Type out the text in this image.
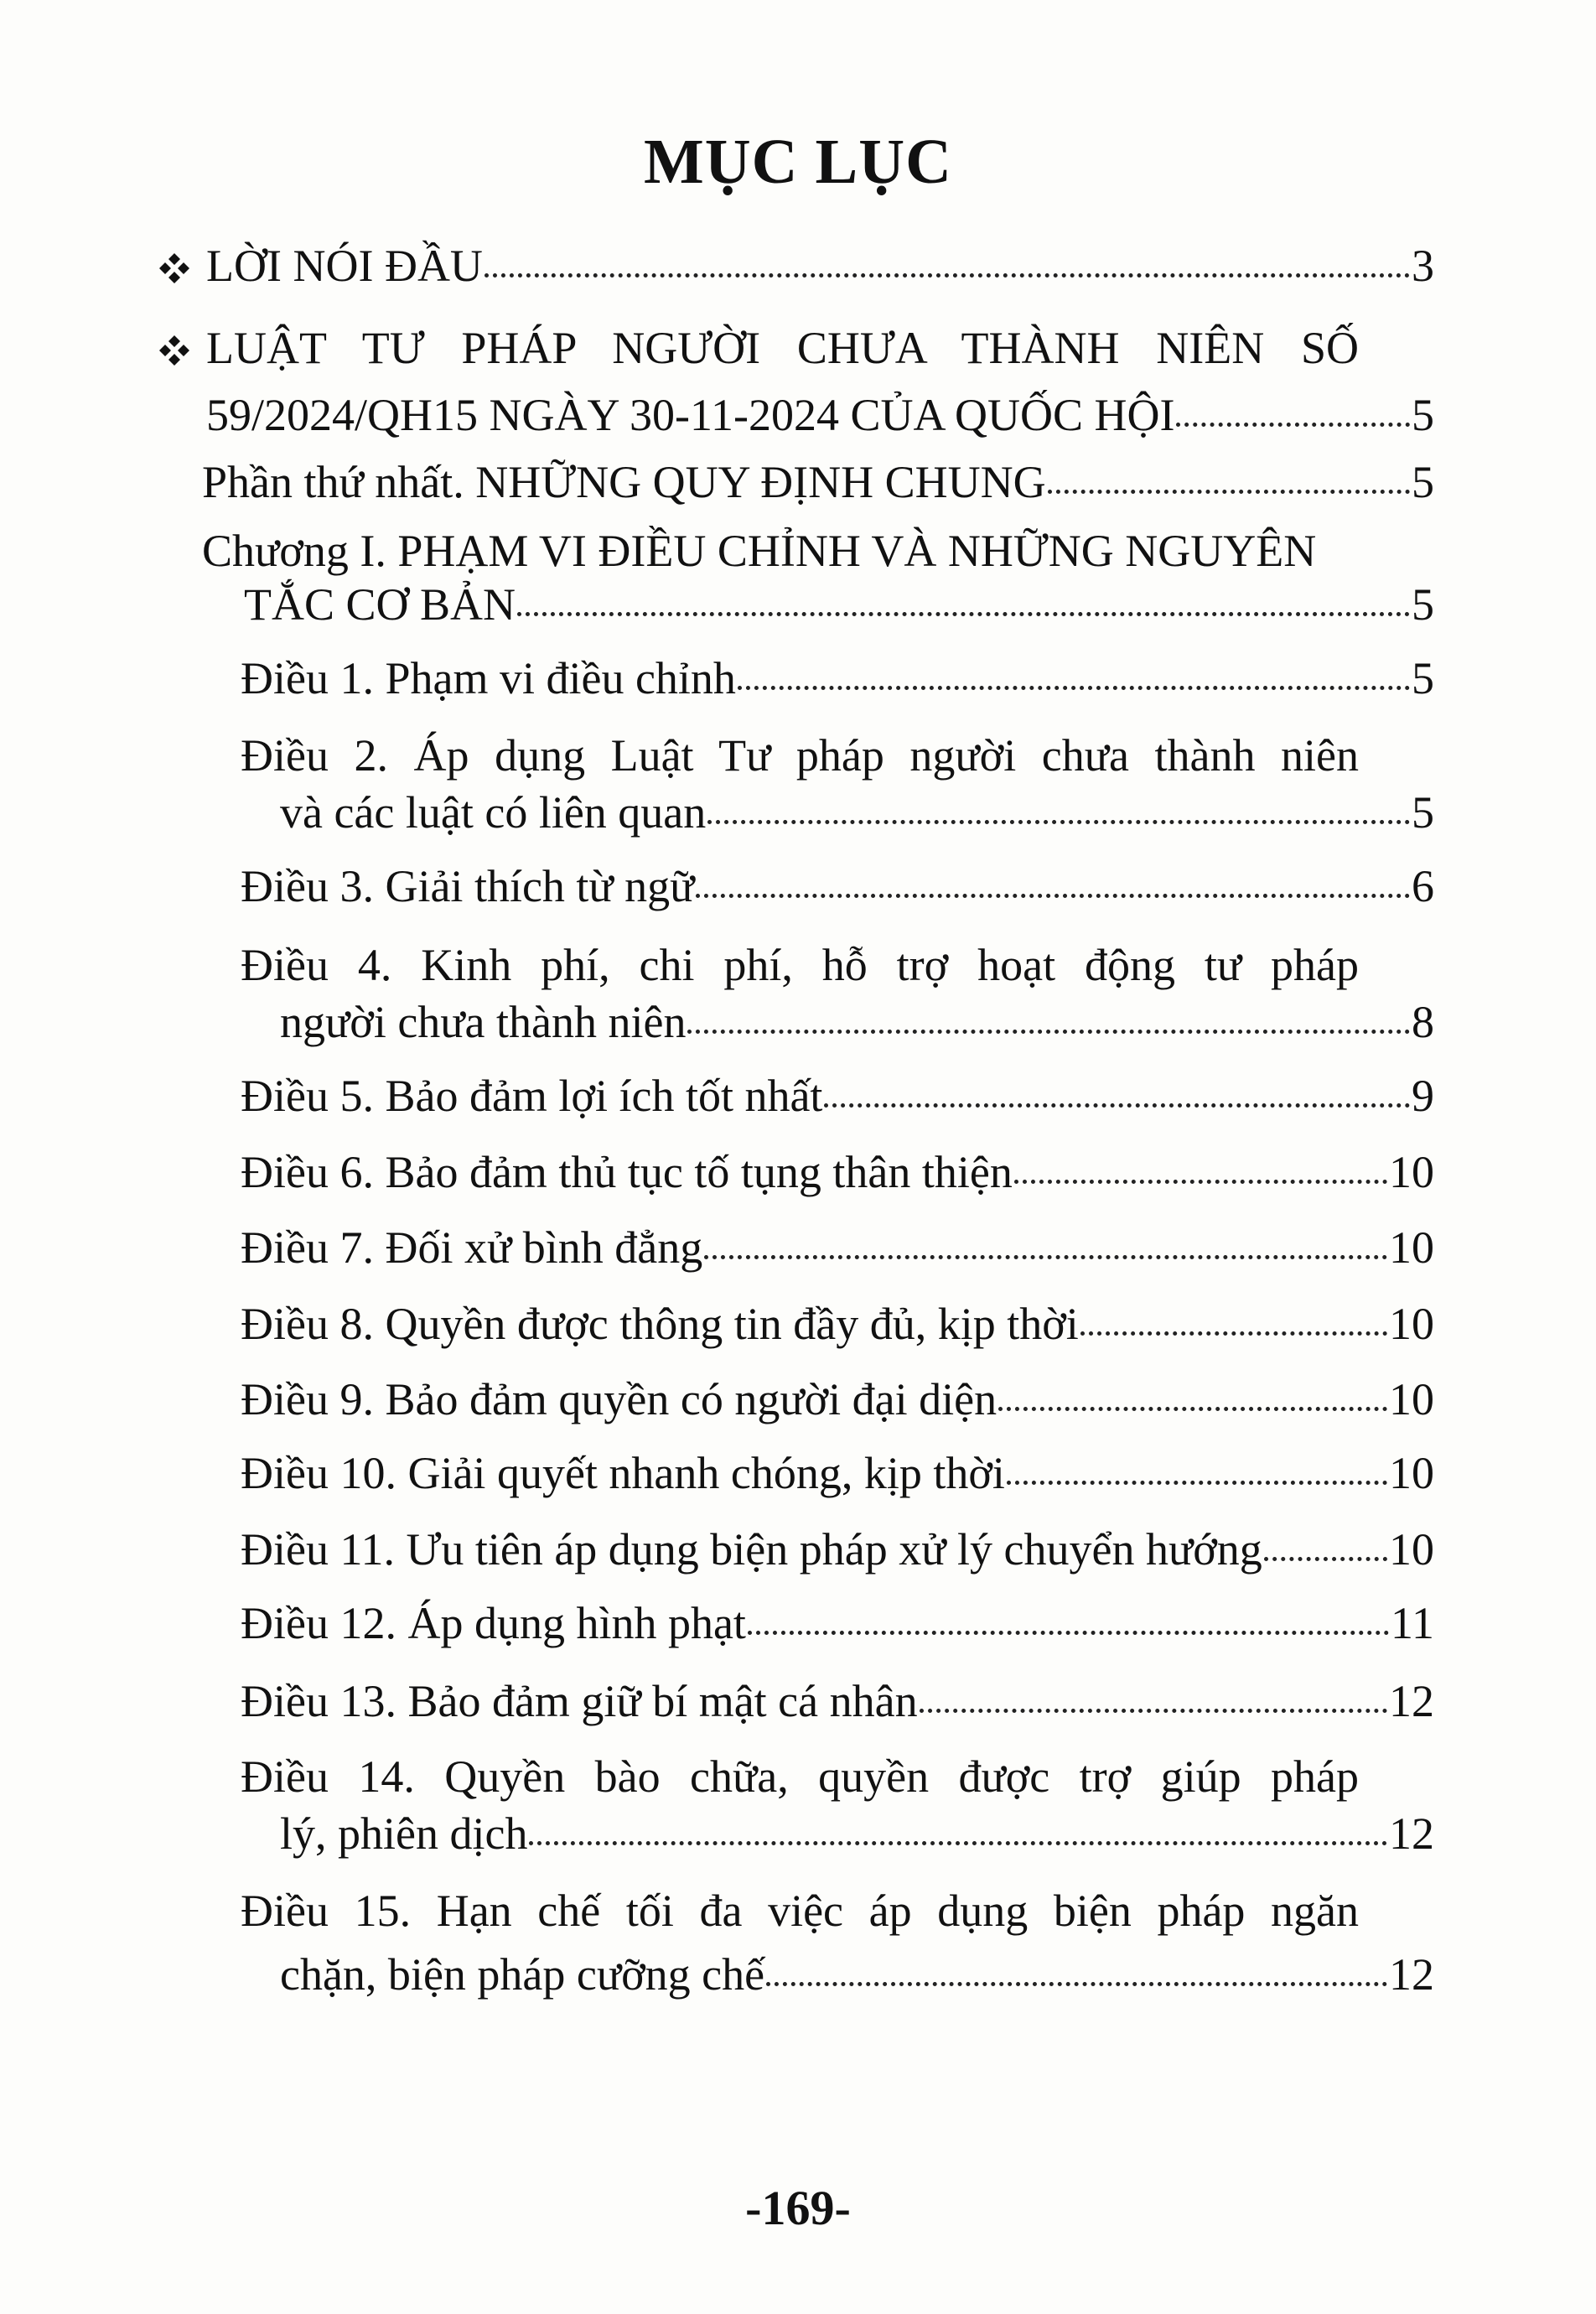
MỤC LỤC
LỜI NÓI ĐẦU	3
LUẬT TƯ PHÁP NGƯỜI CHƯA THÀNH NIÊN SỐ
59/2024/QH15 NGÀY 30-11-2024 CỦA QUỐC HỘI	5
Phần thứ nhất. NHỮNG QUY ĐỊNH CHUNG	5
Chương I. PHẠM VI ĐIỀU CHỈNH VÀ NHỮNG NGUYÊN
TẮC CƠ BẢN	5
Điều 1. Phạm vi điều chỉnh	5
Điều 2. Áp dụng Luật Tư pháp người chưa thành niên
và các luật có liên quan	5
Điều 3. Giải thích từ ngữ	6
Điều 4. Kinh phí, chi phí, hỗ trợ hoạt động tư pháp
người chưa thành niên	8
Điều 5. Bảo đảm lợi ích tốt nhất	9
Điều 6. Bảo đảm thủ tục tố tụng thân thiện	10
Điều 7. Đối xử bình đẳng	10
Điều 8. Quyền được thông tin đầy đủ, kịp thời	10
Điều 9. Bảo đảm quyền có người đại diện	10
Điều 10. Giải quyết nhanh chóng, kịp thời	10
Điều 11. Ưu tiên áp dụng biện pháp xử lý chuyển hướng	10
Điều 12. Áp dụng hình phạt	11
Điều 13. Bảo đảm giữ bí mật cá nhân	12
Điều 14. Quyền bào chữa, quyền được trợ giúp pháp
lý, phiên dịch	12
Điều 15. Hạn chế tối đa việc áp dụng biện pháp ngăn
chặn, biện pháp cưỡng chế	12
-169-
